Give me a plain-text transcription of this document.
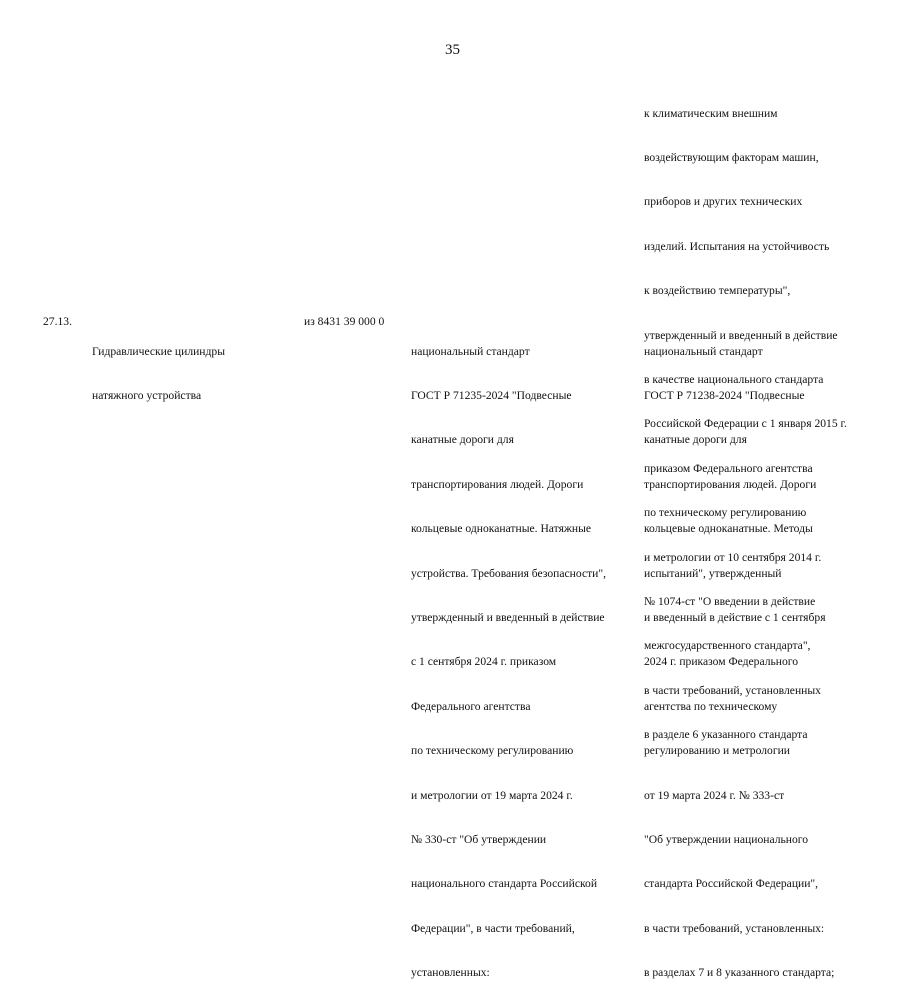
35

к климатическим внешним

воздействующим факторам машин,

приборов и других технических

изделий. Испытания на устойчивость

к воздействию температуры",

утвержденный и введенный в действие

в качестве национального стандарта

Российской Федерации с 1 января 2015 г.

приказом Федерального агентства

по техническому регулированию

и метрологии от 10 сентября 2014 г.

№ 1074-ст "О введении в действие

межгосударственного стандарта",

в части требований, установленных

в разделе 6 указанного стандарта

27.13.

Гидравлические цилиндры

натяжного устройства

из 8431 39 000 0

национальный стандарт

ГОСТ Р 71235-2024 "Подвесные

канатные дороги для

транспортирования людей. Дороги

кольцевые одноканатные. Натяжные

устройства. Требования безопасности",

утвержденный и введенный в действие

с 1 сентября 2024 г. приказом

Федерального агентства

по техническому регулированию

и метрологии от 19 марта 2024 г.

№ 330-ст "Об утверждении

национального стандарта Российской

Федерации", в части требований,

установленных:

национальный стандарт

ГОСТ Р 71238-2024 "Подвесные

канатные дороги для

транспортирования людей. Дороги

кольцевые одноканатные. Методы

испытаний", утвержденный

и введенный в действие с 1 сентября

2024 г. приказом Федерального

агентства по техническому

регулированию и метрологии

от 19 марта 2024 г. № 333-ст

"Об утверждении национального

стандарта Российской Федерации",

в части требований, установленных:

в разделах 7 и 8 указанного стандарта;
